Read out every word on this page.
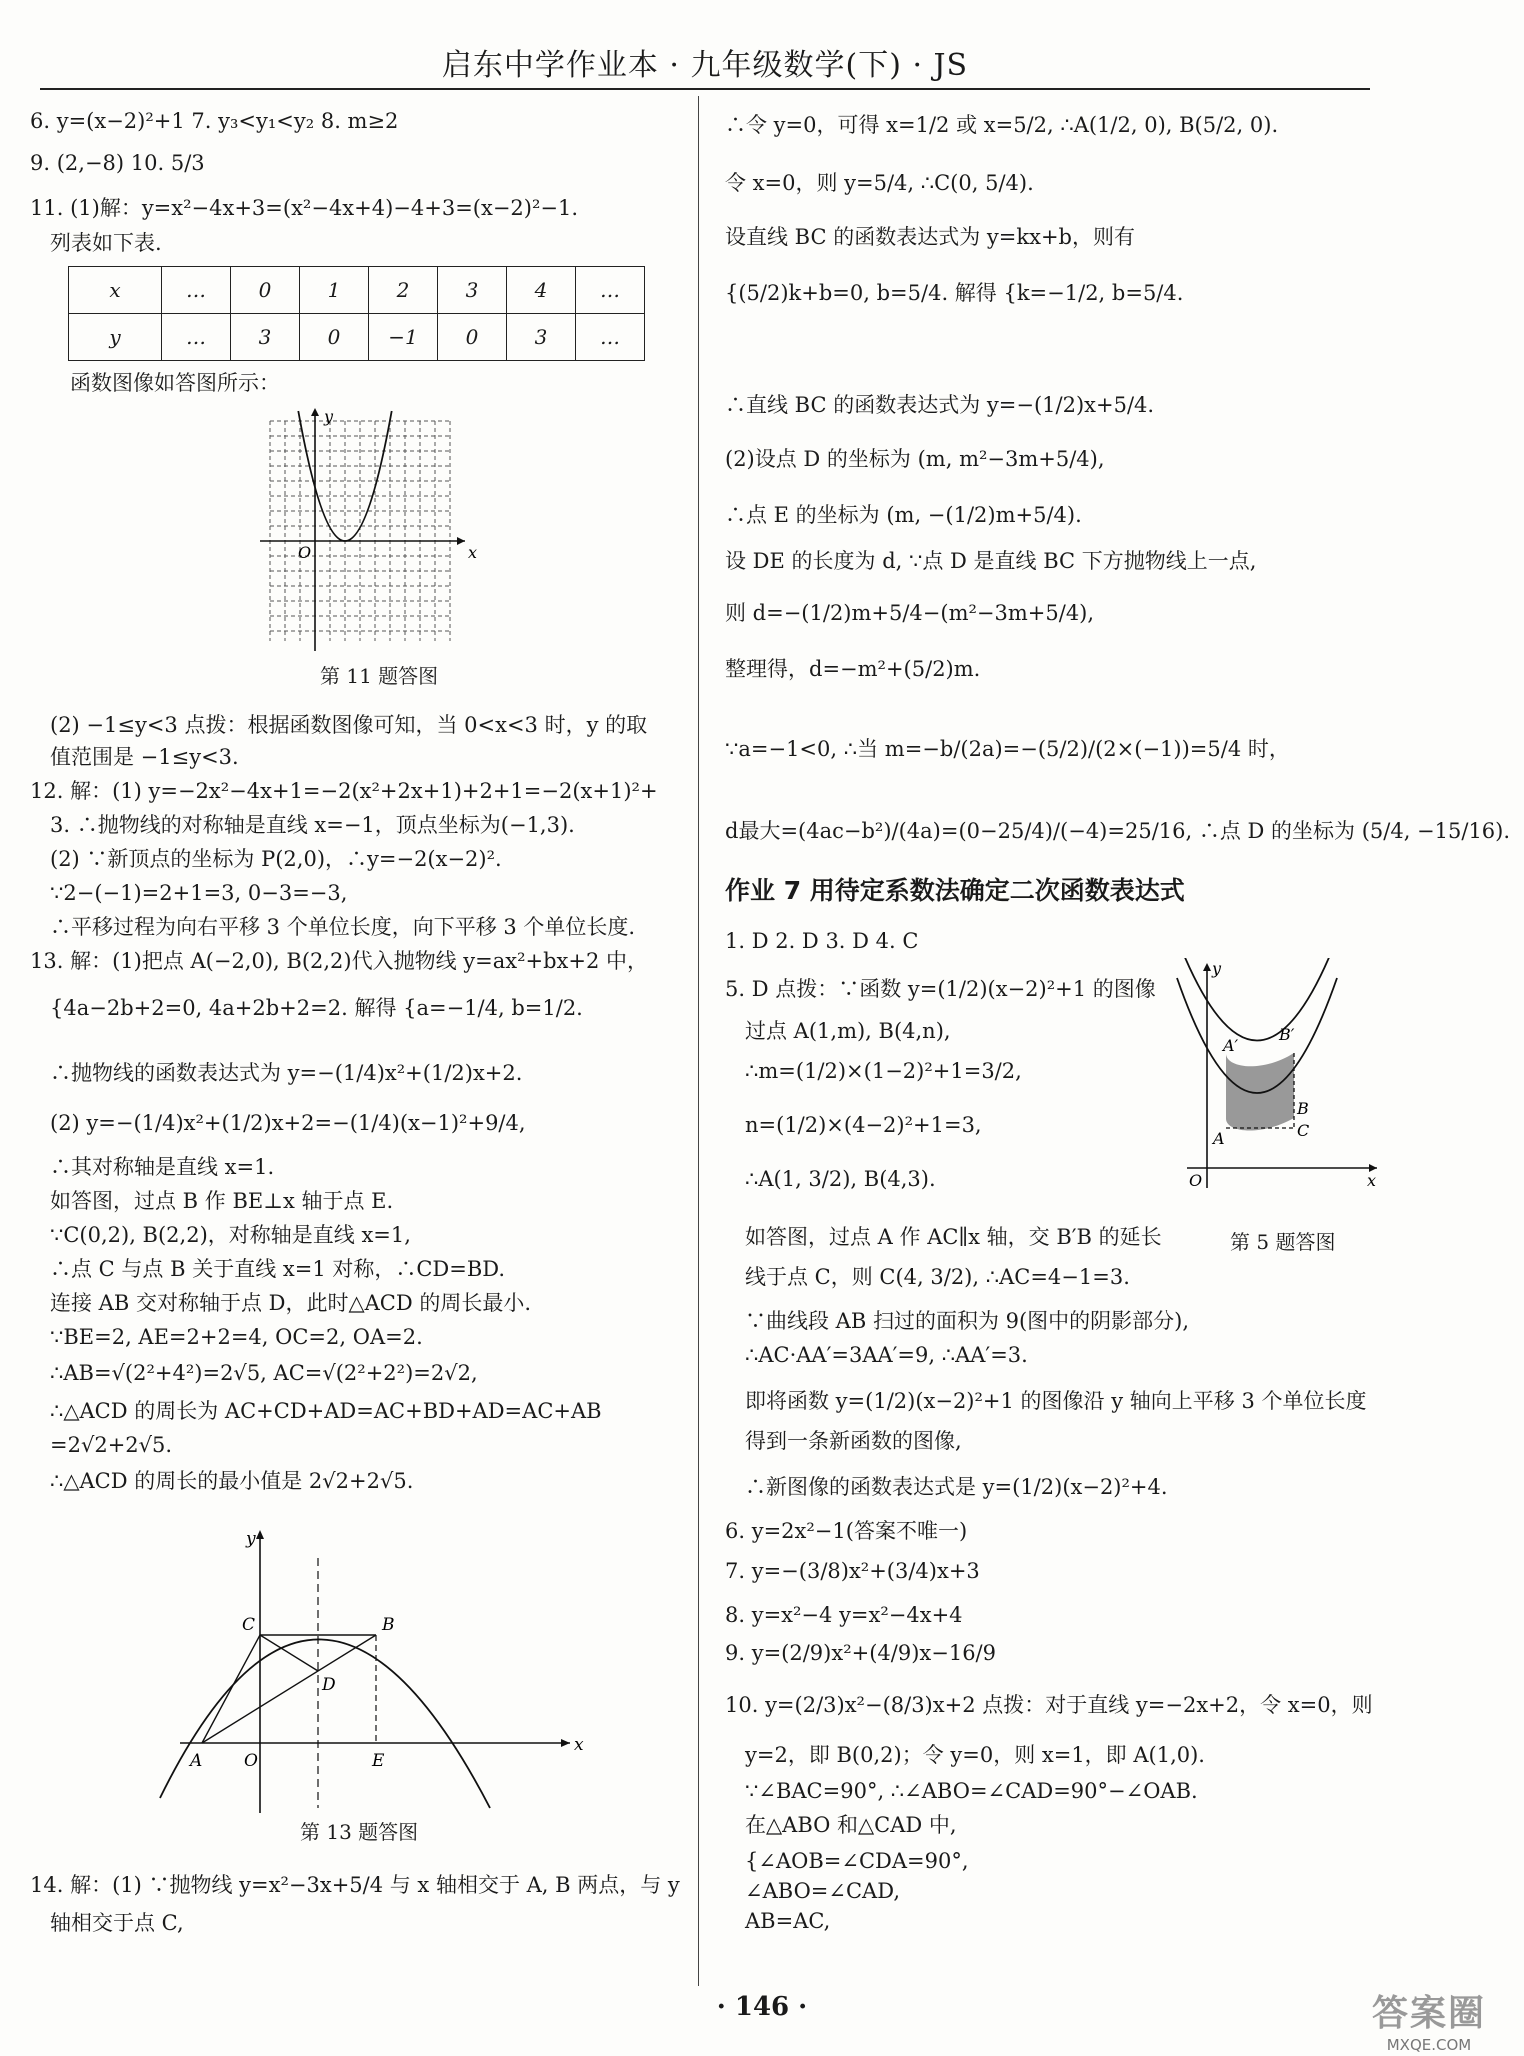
启东中学作业本 · 九年级数学(下) · JS
6. y=(x−2)²+1 7. y₃<y₁<y₂ 8. m≥2
9. (2,−8) 10. 5/3
11. (1)解：y=x²−4x+3=(x²−4x+4)−4+3=(x−2)²−1.
列表如下表.
x	…	0	1	2	3	4	…
y	…	3	0	−1	0	3	…
函数图像如答图所示：
y
x
O
第 11 题答图
(2) −1≤y<3 点拨：根据函数图像可知，当 0<x<3 时，y 的取
值范围是 −1≤y<3.
12. 解：(1) y=−2x²−4x+1=−2(x²+2x+1)+2+1=−2(x+1)²+
3. ∴抛物线的对称轴是直线 x=−1，顶点坐标为(−1,3).
(2) ∵新顶点的坐标为 P(2,0)，∴y=−2(x−2)².
∵2−(−1)=2+1=3, 0−3=−3,
∴平移过程为向右平移 3 个单位长度，向下平移 3 个单位长度.
13. 解：(1)把点 A(−2,0), B(2,2)代入抛物线 y=ax²+bx+2 中，
{4a−2b+2=0, 4a+2b+2=2. 解得 {a=−1/4, b=1/2.
∴抛物线的函数表达式为 y=−(1/4)x²+(1/2)x+2.
(2) y=−(1/4)x²+(1/2)x+2=−(1/4)(x−1)²+9/4,
∴其对称轴是直线 x=1.
如答图，过点 B 作 BE⊥x 轴于点 E.
∵C(0,2), B(2,2)，对称轴是直线 x=1,
∴点 C 与点 B 关于直线 x=1 对称，∴CD=BD.
连接 AB 交对称轴于点 D，此时△ACD 的周长最小.
∵BE=2, AE=2+2=4, OC=2, OA=2.
∴AB=√(2²+4²)=2√5, AC=√(2²+2²)=2√2,
∴△ACD 的周长为 AC+CD+AD=AC+BD+AD=AC+AB
=2√2+2√5.
∴△ACD 的周长的最小值是 2√2+2√5.
y
x
C	B
D
A O	E
第 13 题答图
14. 解：(1) ∵抛物线 y=x²−3x+5/4 与 x 轴相交于 A, B 两点，与 y
轴相交于点 C,
∴令 y=0，可得 x=1/2 或 x=5/2, ∴A(1/2, 0), B(5/2, 0).
令 x=0，则 y=5/4, ∴C(0, 5/4).
设直线 BC 的函数表达式为 y=kx+b，则有
{(5/2)k+b=0, b=5/4. 解得 {k=−1/2, b=5/4.
∴直线 BC 的函数表达式为 y=−(1/2)x+5/4.
(2)设点 D 的坐标为 (m, m²−3m+5/4),
∴点 E 的坐标为 (m, −(1/2)m+5/4).
设 DE 的长度为 d, ∵点 D 是直线 BC 下方抛物线上一点,
则 d=−(1/2)m+5/4−(m²−3m+5/4),
整理得，d=−m²+(5/2)m.
∵a=−1<0, ∴当 m=−b/(2a)=−(5/2)/(2×(−1))=5/4 时，
d最大=(4ac−b²)/(4a)=(0−25/4)/(−4)=25/16, ∴点 D 的坐标为 (5/4, −15/16).
作业 7 用待定系数法确定二次函数表达式
1. D 2. D 3. D 4. C
5. D 点拨：∵函数 y=(1/2)(x−2)²+1 的图像
过点 A(1,m), B(4,n),
∴m=(1/2)×(1−2)²+1=3/2,
n=(1/2)×(4−2)²+1=3,
∴A(1, 3/2), B(4,3).
如答图，过点 A 作 AC∥x 轴，交 B′B 的延长
线于点 C，则 C(4, 3/2), ∴AC=4−1=3.
∵曲线段 AB 扫过的面积为 9(图中的阴影部分),
∴AC·AA′=3AA′=9, ∴AA′=3.
即将函数 y=(1/2)(x−2)²+1 的图像沿 y 轴向上平移 3 个单位长度
得到一条新函数的图像,
∴新图像的函数表达式是 y=(1/2)(x−2)²+4.
6. y=2x²−1(答案不唯一)
7. y=−(3/8)x²+(3/4)x+3
8. y=x²−4 y=x²−4x+4
9. y=(2/9)x²+(4/9)x−16/9
10. y=(2/3)x²−(8/3)x+2 点拨：对于直线 y=−2x+2，令 x=0，则
y=2，即 B(0,2)；令 y=0，则 x=1，即 A(1,0).
∵∠BAC=90°, ∴∠ABO=∠CAD=90°−∠OAB.
在△ABO 和△CAD 中,
{∠AOB=∠CDA=90°,
∠ABO=∠CAD,
AB=AC,
y
x
O
A
A′
B′
B
C
第 5 题答图
· 146 ·	答案圈
MXQE.COM
